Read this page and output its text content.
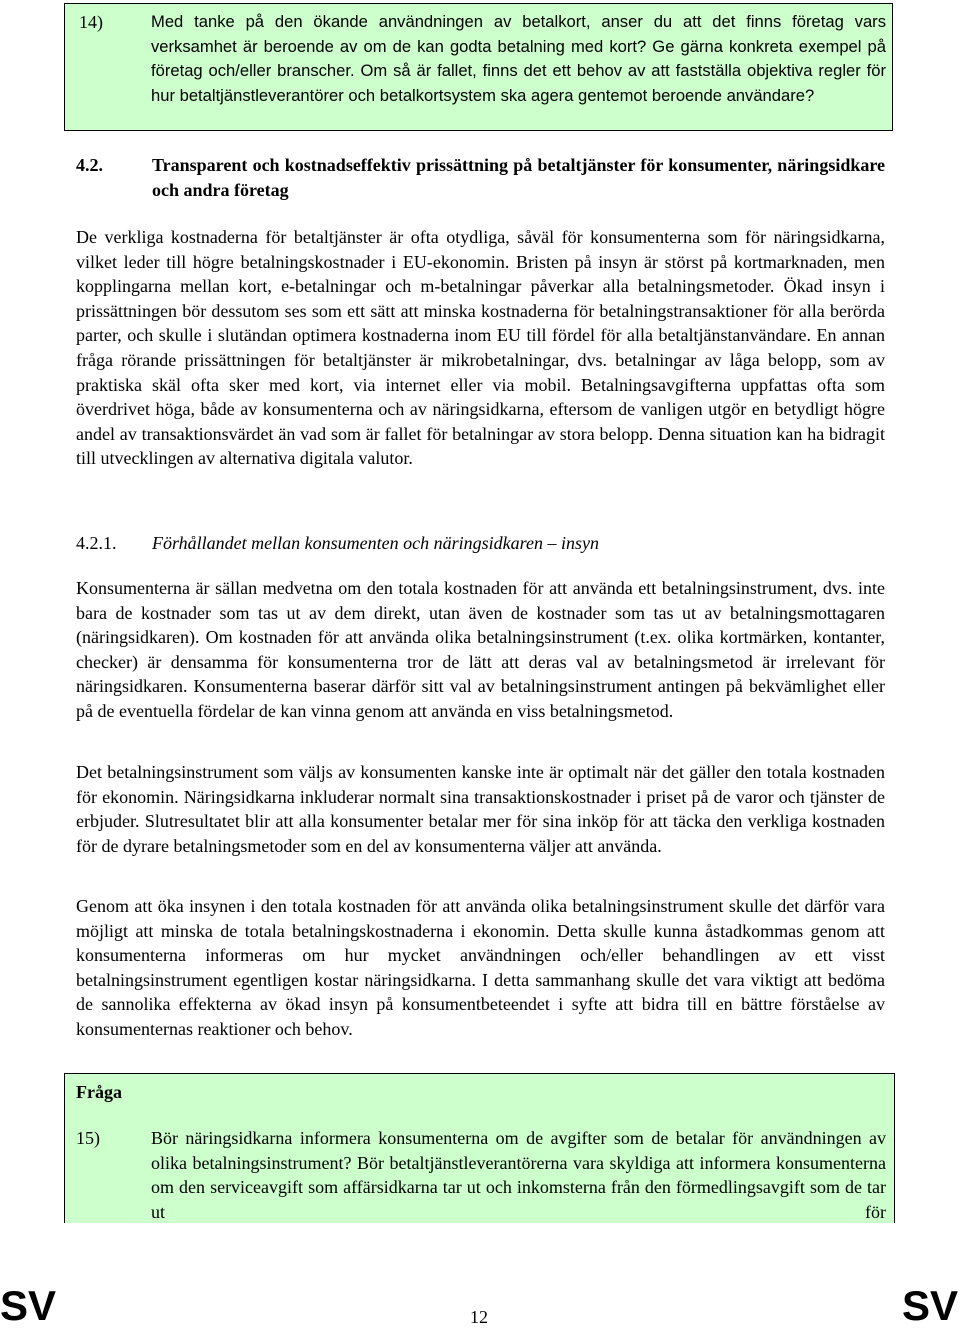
14)	Med tanke på den ökande användningen av betalkort, anser du att det finns företag vars verksamhet är beroende av om de kan godta betalning med kort? Ge gärna konkreta exempel på företag och/eller branscher. Om så är fallet, finns det ett behov av att fastställa objektiva regler för hur betaltjänstleverantörer och betalkortsystem ska agera gentemot beroende användare?
4.2.	Transparent och kostnadseffektiv prissättning på betaltjänster för konsumenter, näringsidkare och andra företag

De verkliga kostnaderna för betaltjänster är ofta otydliga, såväl för konsumenterna som för näringsidkarna, vilket leder till högre betalningskostnader i EU-ekonomin. Bristen på insyn är störst på kortmarknaden, men kopplingarna mellan kort, e-betalningar och m-betalningar påverkar alla betalningsmetoder. Ökad insyn i prissättningen bör dessutom ses som ett sätt att minska kostnaderna för betalningstransaktioner för alla berörda parter, och skulle i slutändan optimera kostnaderna inom EU till fördel för alla betaltjänstanvändare. En annan fråga rörande prissättningen för betaltjänster är mikrobetalningar, dvs. betalningar av låga belopp, som av praktiska skäl ofta sker med kort, via internet eller via mobil. Betalningsavgifterna uppfattas ofta som överdrivet höga, både av konsumenterna och av näringsidkarna, eftersom de vanligen utgör en betydligt högre andel av transaktionsvärdet än vad som är fallet för betalningar av stora belopp. Denna situation kan ha bidragit till utvecklingen av alternativa digitala valutor.

4.2.1. Förhållandet mellan konsumenten och näringsidkaren – insyn

Konsumenterna är sällan medvetna om den totala kostnaden för att använda ett betalningsinstrument, dvs. inte bara de kostnader som tas ut av dem direkt, utan även de kostnader som tas ut av betalningsmottagaren (näringsidkaren). Om kostnaden för att använda olika betalningsinstrument (t.ex. olika kortmärken, kontanter, checker) är densamma för konsumenterna tror de lätt att deras val av betalningsmetod är irrelevant för näringsidkaren. Konsumenterna baserar därför sitt val av betalningsinstrument antingen på bekvämlighet eller på de eventuella fördelar de kan vinna genom att använda en viss betalningsmetod.

Det betalningsinstrument som väljs av konsumenten kanske inte är optimalt när det gäller den totala kostnaden för ekonomin. Näringsidkarna inkluderar normalt sina transaktionskostnader i priset på de varor och tjänster de erbjuder. Slutresultatet blir att alla konsumenter betalar mer för sina inköp för att täcka den verkliga kostnaden för de dyrare betalningsmetoder som en del av konsumenterna väljer att använda.

Genom att öka insynen i den totala kostnaden för att använda olika betalningsinstrument skulle det därför vara möjligt att minska de totala betalningskostnaderna i ekonomin. Detta skulle kunna åstadkommas genom att konsumenterna informeras om hur mycket användningen och/eller behandlingen av ett visst betalningsinstrument egentligen kostar näringsidkarna. I detta sammanhang skulle det vara viktigt att bedöma de sannolika effekterna av ökad insyn på konsumentbeteendet i syfte att bidra till en bättre förståelse av konsumenternas reaktioner och behov.

Fråga
15)	Bör näringsidkarna informera konsumenterna om de avgifter som de betalar för användningen av olika betalningsinstrument? Bör betaltjänstleverantörerna vara skyldiga att informera konsumenterna om den serviceavgift som affärsidkarna tar ut och inkomsterna från den förmedlingsavgift som de tar ut för
SV	12	SV
